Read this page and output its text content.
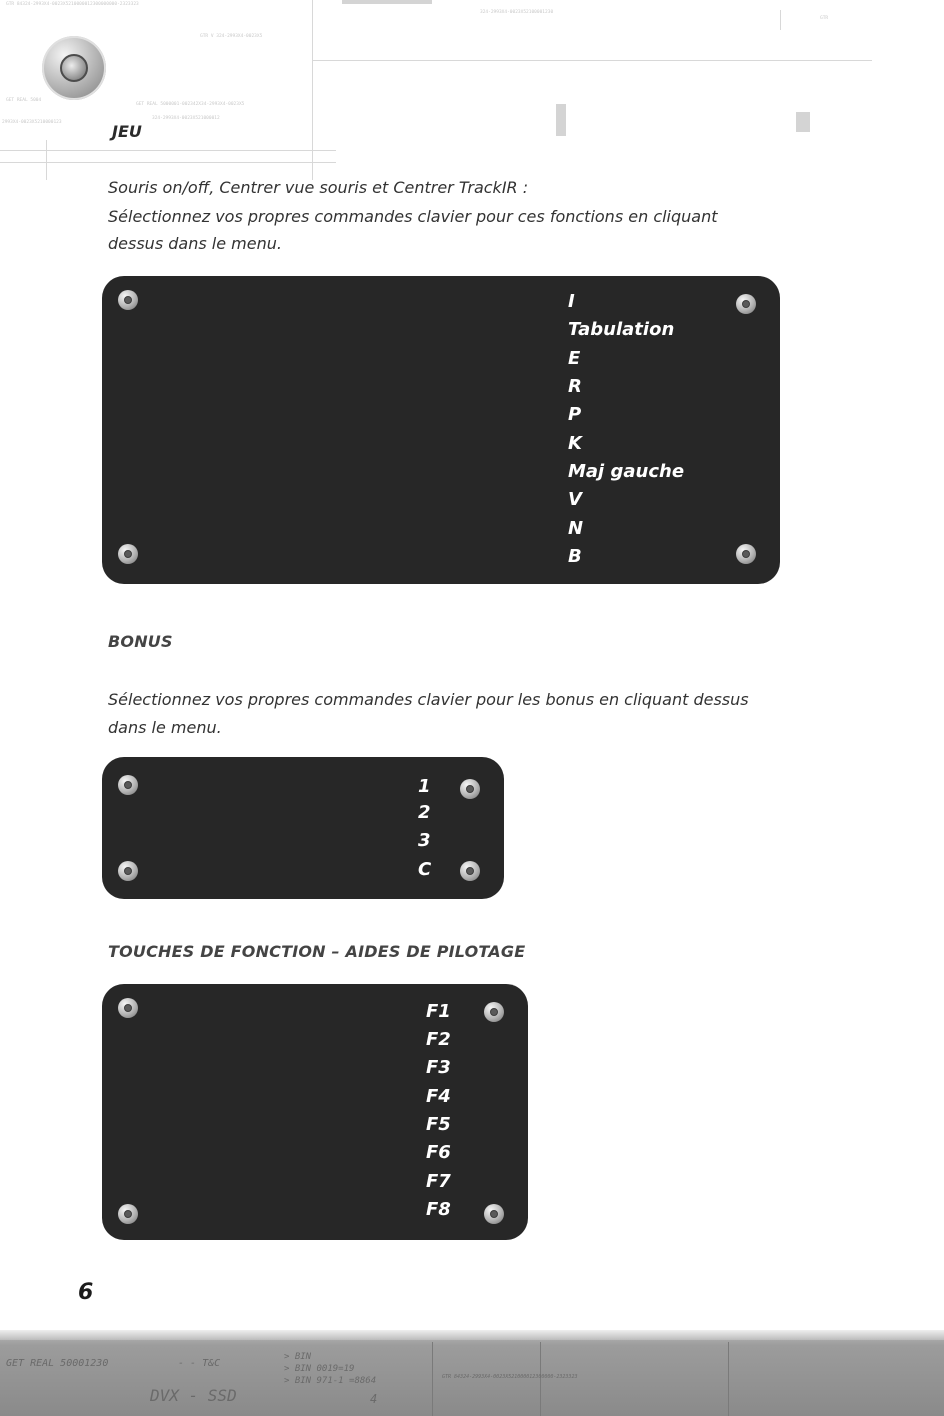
GTR 84324-2993X4-0023X5210000012300000000-2323323
GTR V 324-2993X4-0023X5
GET REAL 5000001-002342X34-2993X4-0023X5
324-2993X4-0023X521000012
GET REAL 5004
2993X4-0023X5210000123
324-2993X4-0023X52100001230
GTR
JEU

Souris on/off, Centrer vue souris et Centrer TrackIR :

Sélectionnez vos propres commandes clavier pour ces fonctions en cliquant

dessus dans le menu.

I
Tabulation
E
R
P
K
Maj gauche
V
N
B
BONUS

Sélectionnez vos propres commandes clavier pour les bonus en cliquant dessus

dans le menu.

1
2
3
C
TOUCHES DE FONCTION – AIDES DE PILOTAGE
F1
F2
F3
F4
F5
F6
F7
F8
6
GET REAL 50001230	- - T&C
> BIN
> BIN 0019=19
> BIN 971-1 =8864
DVX - SSD	4
GTR 84324-2993X4-0023X521000012300000-2323323
